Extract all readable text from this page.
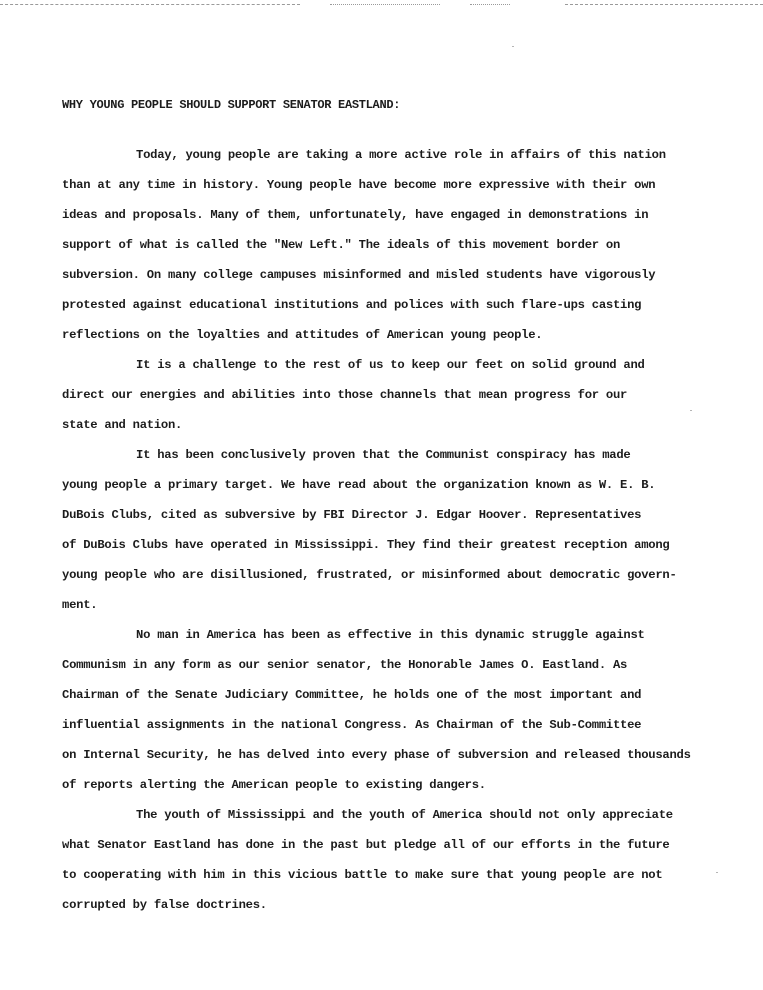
WHY YOUNG PEOPLE SHOULD SUPPORT SENATOR EASTLAND:

Today, young people are taking a more active role in affairs of this nation
than at any time in history. Young people have become more expressive with their own
ideas and proposals. Many of them, unfortunately, have engaged in demonstrations in
support of what is called the "New Left." The ideals of this movement border on
subversion. On many college campuses misinformed and misled students have vigorously
protested against educational institutions and polices with such flare-ups casting
reflections on the loyalties and attitudes of American young people.

It is a challenge to the rest of us to keep our feet on solid ground and
direct our energies and abilities into those channels that mean progress for our
state and nation.

It has been conclusively proven that the Communist conspiracy has made
young people a primary target. We have read about the organization known as W. E. B.
DuBois Clubs, cited as subversive by FBI Director J. Edgar Hoover. Representatives
of DuBois Clubs have operated in Mississippi. They find their greatest reception among
young people who are disillusioned, frustrated, or misinformed about democratic govern-
ment.

No man in America has been as effective in this dynamic struggle against
Communism in any form as our senior senator, the Honorable James O. Eastland. As
Chairman of the Senate Judiciary Committee, he holds one of the most important and
influential assignments in the national Congress. As Chairman of the Sub-Committee
on Internal Security, he has delved into every phase of subversion and released thousands
of reports alerting the American people to existing dangers.

The youth of Mississippi and the youth of America should not only appreciate
what Senator Eastland has done in the past but pledge all of our efforts in the future
to cooperating with him in this vicious battle to make sure that young people are not
corrupted by false doctrines.
